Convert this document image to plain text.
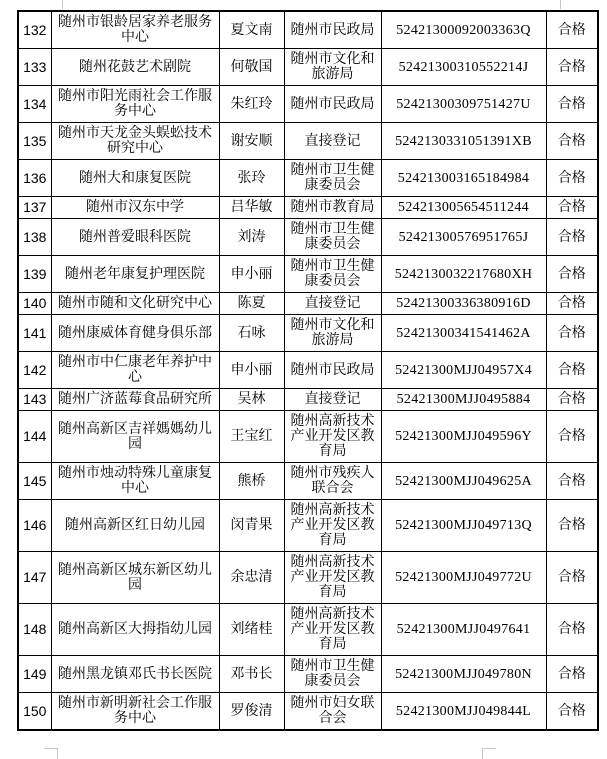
132	随州市银龄居家养老服务中心	夏文南	随州市民政局	52421300092003363Q	合格
133	随州花鼓艺术剧院	何敬国	随州市文化和旅游局	52421300310552214J	合格
134	随州市阳光雨社会工作服务中心	朱红玲	随州市民政局	52421300309751427U	合格
135	随州市天龙金头蜈蚣技术研究中心	谢安顺	直接登记	5242130331051391XB	合格
136	随州大和康复医院	张玲	随州市卫生健康委员会	524213003165184984	合格
137	随州市汉东中学	吕华敏	随州市教育局	524213005654511244	合格
138	随州普爱眼科医院	刘涛	随州市卫生健康委员会	52421300576951765J	合格
139	随州老年康复护理医院	申小丽	随州市卫生健康委员会	5242130032217680XH	合格
140	随州市随和文化研究中心	陈夏	直接登记	52421300336380916D	合格
141	随州康威体育健身俱乐部	石咏	随州市文化和旅游局	52421300341541462A	合格
142	随州市中仁康老年养护中心	申小丽	随州市民政局	52421300MJJ04957X4	合格
143	随州广济蓝莓食品研究所	吴林	直接登记	52421300MJJ0495884	合格
144	随州高新区吉祥媽媽幼儿园	王宝红	随州高新技术产业开发区教育局	52421300MJJ049596Y	合格
145	随州市烛动特殊儿童康复中心	熊桥	随州市残疾人联合会	52421300MJJ049625A	合格
146	随州高新区红日幼儿园	闵青果	随州高新技术产业开发区教育局	52421300MJJ049713Q	合格
147	随州高新区城东新区幼儿园	余忠清	随州高新技术产业开发区教育局	52421300MJJ049772U	合格
148	随州高新区大拇指幼儿园	刘绪桂	随州高新技术产业开发区教育局	52421300MJJ0497641	合格
149	随州黑龙镇邓氏书长医院	邓书长	随州市卫生健康委员会	52421300MJJ049780N	合格
150	随州市新明新社会工作服务中心	罗俊清	随州市妇女联合会	52421300MJJ049844L	合格
